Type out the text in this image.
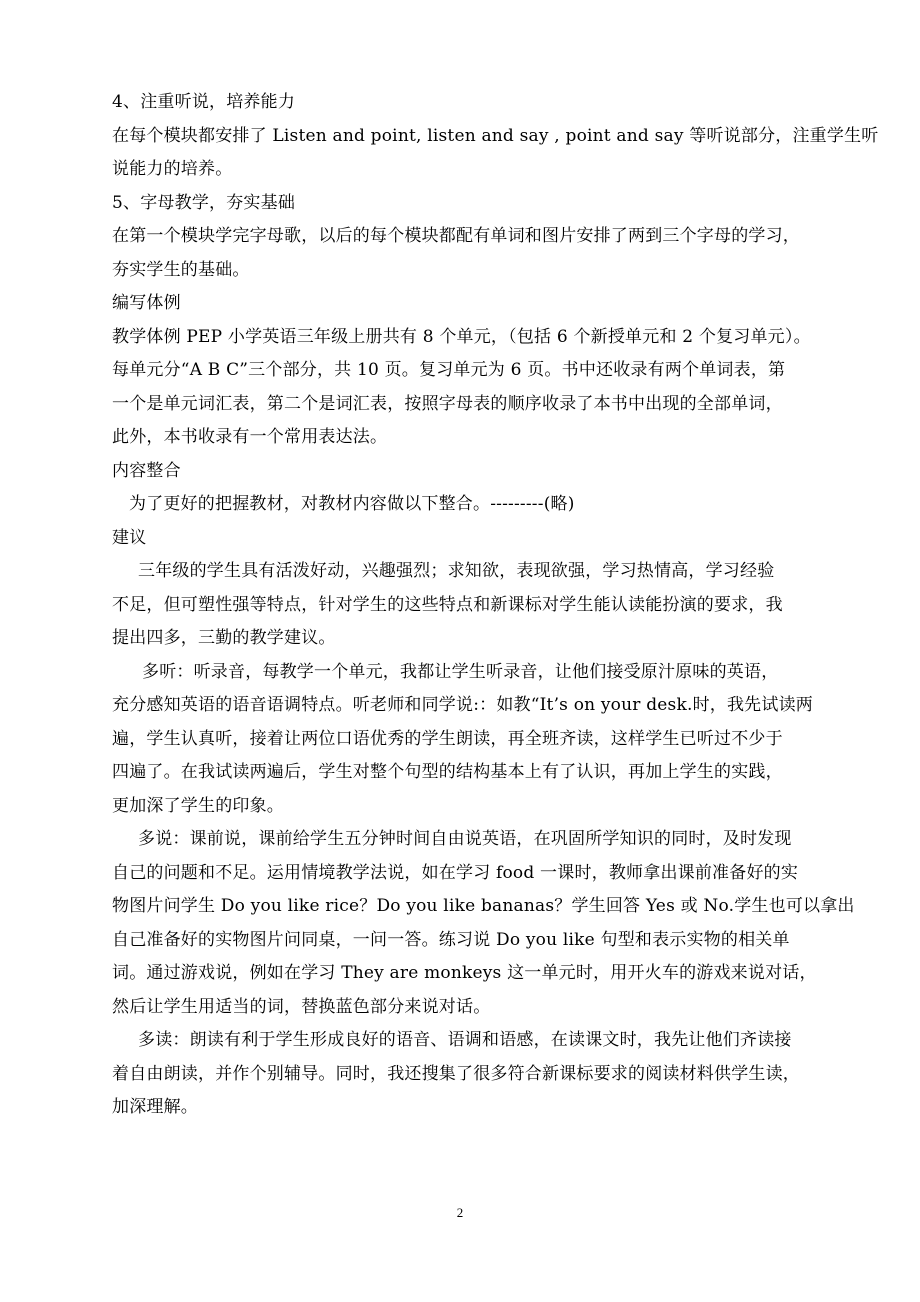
4、注重听说，培养能力
在每个模块都安排了 Listen and point, listen and say , point and say 等听说部分，注重学生听
说能力的培养。
5、字母教学，夯实基础
在第一个模块学完字母歌，以后的每个模块都配有单词和图片安排了两到三个字母的学习，
夯实学生的基础。
编写体例
教学体例 PEP 小学英语三年级上册共有 8 个单元，（包括 6 个新授单元和 2 个复习单元）。
每单元分“A B C”三个部分，共 10 页。复习单元为 6 页。书中还收录有两个单词表，第
一个是单元词汇表，第二个是词汇表，按照字母表的顺序收录了本书中出现的全部单词，
此外，本书收录有一个常用表达法。
内容整合
为了更好的把握教材，对教材内容做以下整合。---------(略)
建议
三年级的学生具有活泼好动，兴趣强烈；求知欲，表现欲强，学习热情高，学习经验
不足，但可塑性强等特点，针对学生的这些特点和新课标对学生能认读能扮演的要求，我
提出四多，三勤的教学建议。
多听：听录音，每教学一个单元，我都让学生听录音，让他们接受原汁原味的英语，
充分感知英语的语音语调特点。听老师和同学说:：如教“It’s on your desk.时，我先试读两
遍，学生认真听，接着让两位口语优秀的学生朗读，再全班齐读，这样学生已听过不少于
四遍了。在我试读两遍后，学生对整个句型的结构基本上有了认识，再加上学生的实践，
更加深了学生的印象。
多说：课前说，课前给学生五分钟时间自由说英语，在巩固所学知识的同时，及时发现
自己的问题和不足。运用情境教学法说，如在学习 food 一课时，教师拿出课前准备好的实
物图片问学生 Do you like rice？Do you like bananas？学生回答 Yes 或 No.学生也可以拿出
自己准备好的实物图片问同桌，一问一答。练习说 Do you like 句型和表示实物的相关单
词。通过游戏说，例如在学习 They are monkeys 这一单元时，用开火车的游戏来说对话，
然后让学生用适当的词，替换蓝色部分来说对话。
多读：朗读有利于学生形成良好的语音、语调和语感，在读课文时，我先让他们齐读接
着自由朗读，并作个别辅导。同时，我还搜集了很多符合新课标要求的阅读材料供学生读，
加深理解。
2
